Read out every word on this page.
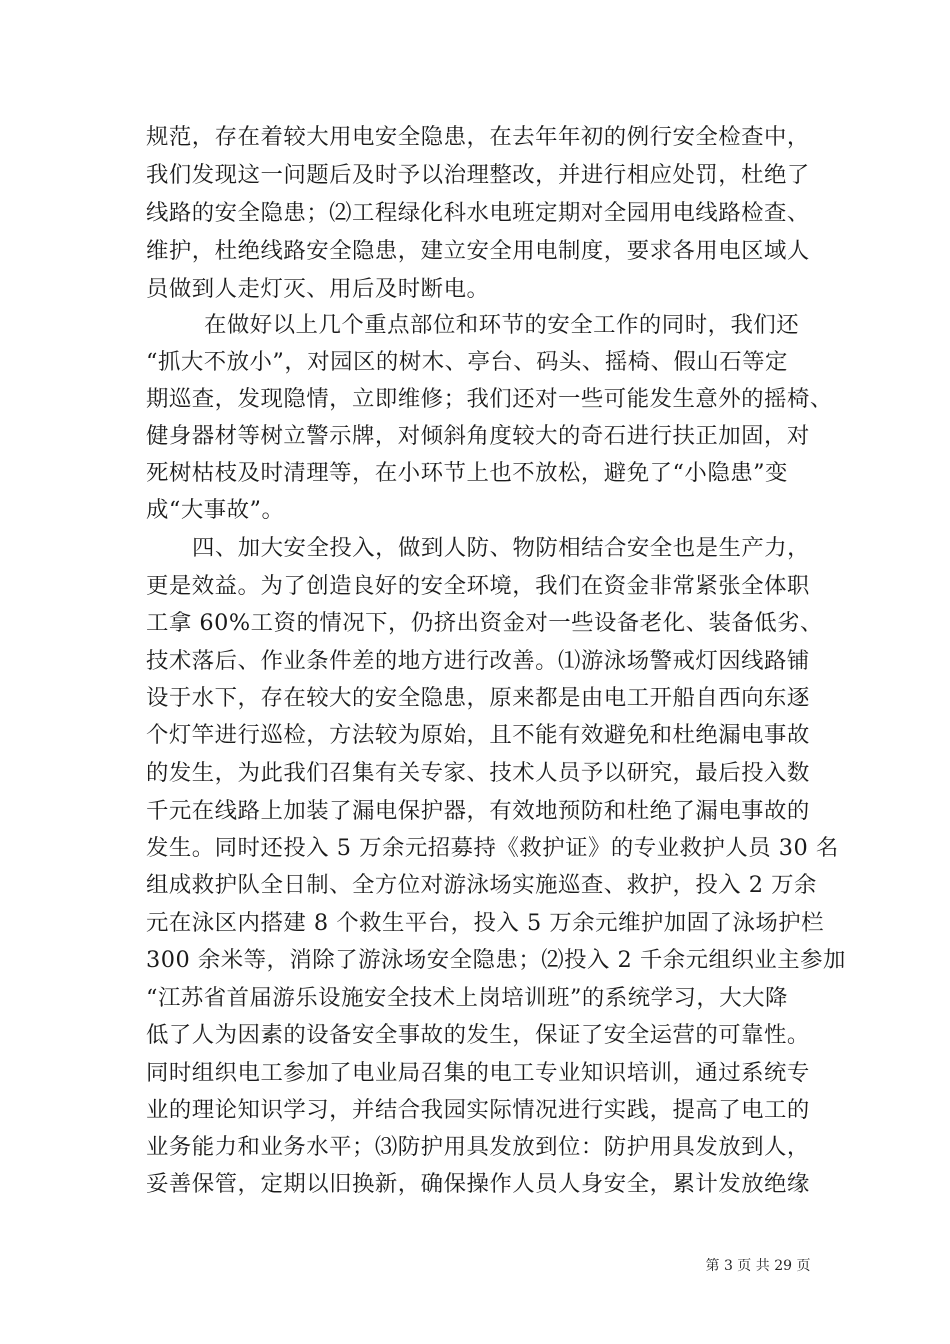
规范，存在着较大用电安全隐患，在去年年初的例行安全检查中，
我们发现这一问题后及时予以治理整改，并进行相应处罚，杜绝了
线路的安全隐患；⑵工程绿化科水电班定期对全园用电线路检查、
维护，杜绝线路安全隐患，建立安全用电制度，要求各用电区域人
员做到人走灯灭、用后及时断电。
在做好以上几个重点部位和环节的安全工作的同时，我们还
“抓大不放小”，对园区的树木、亭台、码头、摇椅、假山石等定
期巡查，发现隐情，立即维修；我们还对一些可能发生意外的摇椅、
健身器材等树立警示牌，对倾斜角度较大的奇石进行扶正加固，对
死树枯枝及时清理等，在小环节上也不放松，避免了“小隐患”变
成“大事故”。
四、加大安全投入，做到人防、物防相结合安全也是生产力，
更是效益。为了创造良好的安全环境，我们在资金非常紧张全体职
工拿 60%工资的情况下，仍挤出资金对一些设备老化、装备低劣、
技术落后、作业条件差的地方进行改善。⑴游泳场警戒灯因线路铺
设于水下，存在较大的安全隐患，原来都是由电工开船自西向东逐
个灯竿进行巡检，方法较为原始，且不能有效避免和杜绝漏电事故
的发生，为此我们召集有关专家、技术人员予以研究，最后投入数
千元在线路上加装了漏电保护器，有效地预防和杜绝了漏电事故的
发生。同时还投入 5 万余元招募持《救护证》的专业救护人员 30 名
组成救护队全日制、全方位对游泳场实施巡查、救护，投入 2 万余
元在泳区内搭建 8 个救生平台，投入 5 万余元维护加固了泳场护栏
300 余米等，消除了游泳场安全隐患；⑵投入 2 千余元组织业主参加
“江苏省首届游乐设施安全技术上岗培训班”的系统学习，大大降
低了人为因素的设备安全事故的发生，保证了安全运营的可靠性。
同时组织电工参加了电业局召集的电工专业知识培训，通过系统专
业的理论知识学习，并结合我园实际情况进行实践，提高了电工的
业务能力和业务水平；⑶防护用具发放到位：防护用具发放到人，
妥善保管，定期以旧换新，确保操作人员人身安全，累计发放绝缘
第 3 页 共 29 页
